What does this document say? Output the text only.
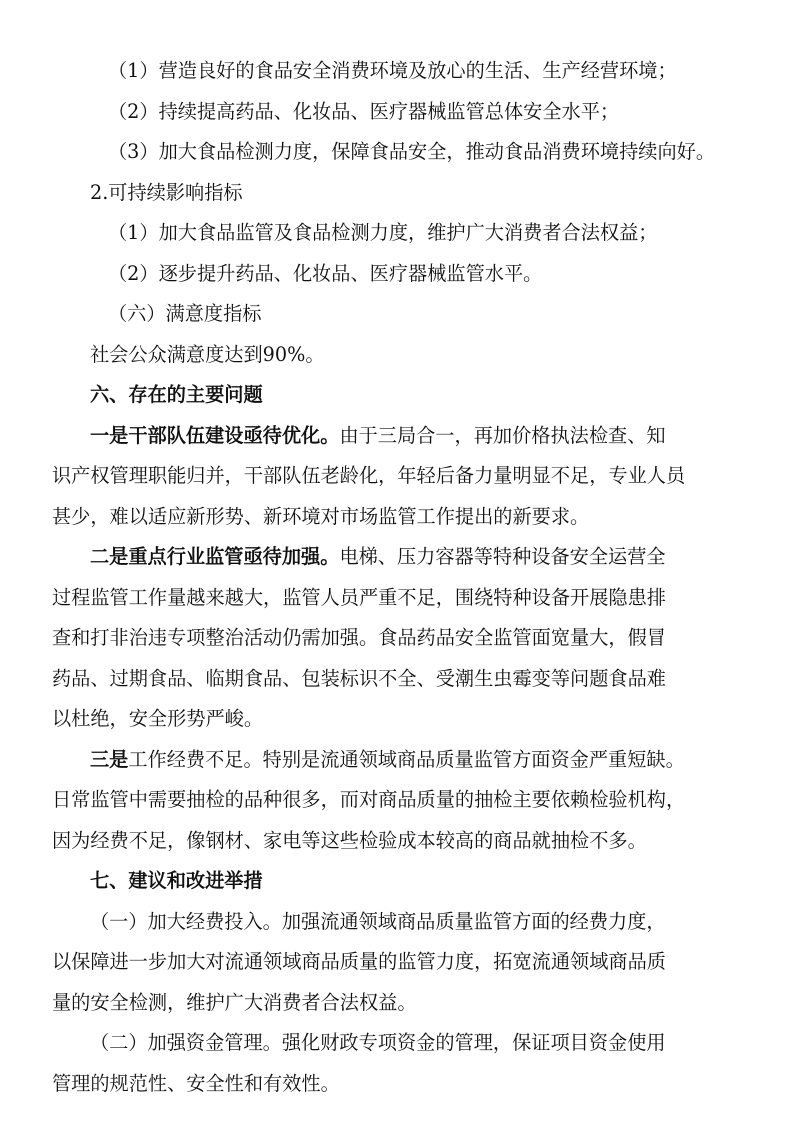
（1）营造良好的食品安全消费环境及放心的生活、生产经营环境；
（2）持续提高药品、化妆品、医疗器械监管总体安全水平；
（3）加大食品检测力度，保障食品安全，推动食品消费环境持续向好。
2.可持续影响指标
（1）加大食品监管及食品检测力度，维护广大消费者合法权益；
（2）逐步提升药品、化妆品、医疗器械监管水平。
（六）满意度指标
社会公众满意度达到90%。
六、存在的主要问题
一是干部队伍建设亟待优化。由于三局合一，再加价格执法检查、知
识产权管理职能归并，干部队伍老龄化，年轻后备力量明显不足，专业人员
甚少，难以适应新形势、新环境对市场监管工作提出的新要求。
二是重点行业监管亟待加强。电梯、压力容器等特种设备安全运营全
过程监管工作量越来越大，监管人员严重不足，围绕特种设备开展隐患排
查和打非治违专项整治活动仍需加强。食品药品安全监管面宽量大，假冒
药品、过期食品、临期食品、包装标识不全、受潮生虫霉变等问题食品难
以杜绝，安全形势严峻。
三是工作经费不足。特别是流通领域商品质量监管方面资金严重短缺。
日常监管中需要抽检的品种很多，而对商品质量的抽检主要依赖检验机构，
因为经费不足，像钢材、家电等这些检验成本较高的商品就抽检不多。
七、建议和改进举措
（一）加大经费投入。加强流通领域商品质量监管方面的经费力度，
以保障进一步加大对流通领域商品质量的监管力度，拓宽流通领域商品质
量的安全检测，维护广大消费者合法权益。
（二）加强资金管理。强化财政专项资金的管理，保证项目资金使用
管理的规范性、安全性和有效性。
